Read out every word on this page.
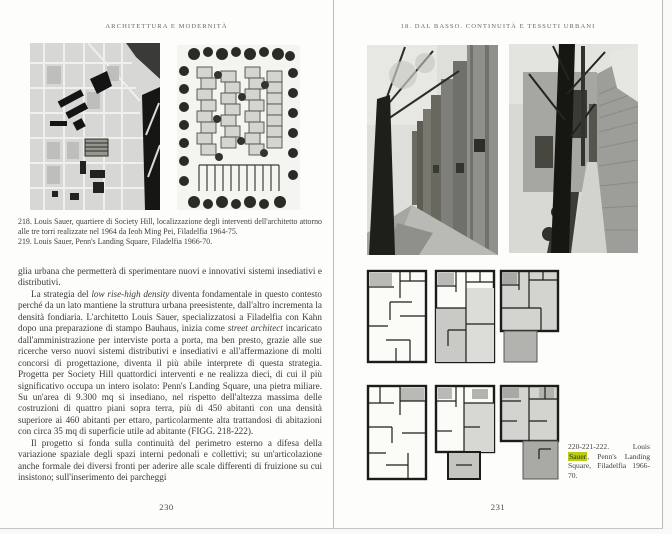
ARCHITETTURA E MODERNITÀ

218. Louis Sauer, quartiere di Society Hill, localizzazione degli interventi dell'architetto attorno alle tre torri realizzate nel 1964 da Ieoh Ming Pei, Filadelfia 1964-75.

219. Louis Sauer, Penn's Landing Square, Filadelfia 1966-70.

glia urbana che permetterà di sperimentare nuovi e innovativi sistemi insediativi e distributivi.

La strategia del low rise-high density diventa fondamentale in questo contesto perché da un lato mantiene la struttura urbana preesistente, dall'altro incrementa la densità fondiaria. L'architetto Louis Sauer, specializzatosi a Filadelfia con Kahn dopo una preparazione di stampo Bauhaus, inizia come street architect incaricato dall'amministrazione per interviste porta a porta, ma ben presto, grazie alle sue ricerche verso nuovi sistemi distributivi e insediativi e all'affermazione di molti concorsi di progettazione, diventa il più abile interprete di questa strategia. Progetta per Society Hill quattordici interventi e ne realizza dieci, di cui il più significativo occupa un intero isolato: Penn's Landing Square, una pietra miliare. Su un'area di 9.300 mq si insediano, nel rispetto dell'altezza massima delle costruzioni di quattro piani sopra terra, più di 450 abitanti con una densità superiore ai 460 abitanti per ettaro, particolarmente alta trattandosi di abitazioni con circa 35 mq di superficie utile ad abitante (FIGG. 218-222).

Il progetto si fonda sulla continuità del perimetro esterno a difesa della variazione spaziale degli spazi interni pedonali e collettivi; su un'articolazione anche formale dei diversi fronti per aderire alle scale differenti di fruizione su cui insistono; sull'inserimento dei parcheggi

230
18. DAL BASSO. CONTINUITÀ E TESSUTI URBANI
220-221-222. Louis Sauer, Penn's Landing Square, Filadelfia 1966-70.
231
